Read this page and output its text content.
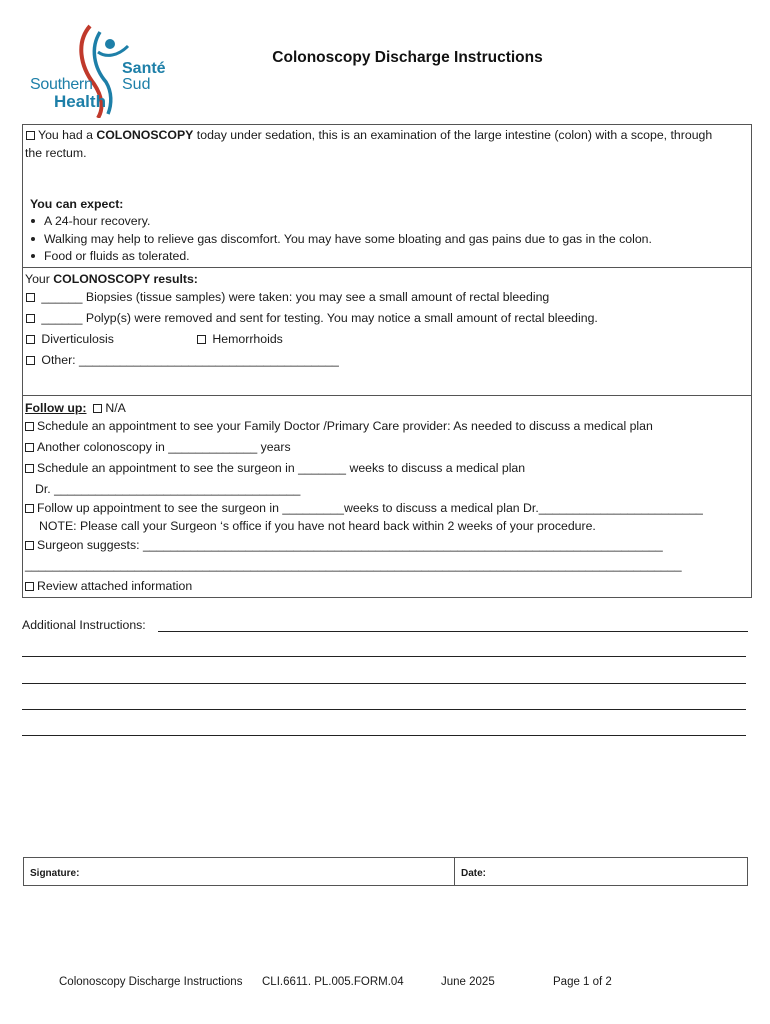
Southern
Health
Santé
Sud
Colonoscopy Discharge Instructions
You had a COLONOSCOPY today under sedation, this is an examination of the large intestine (colon) with a scope, through
the rectum.
You can expect:
A 24-hour recovery.
Walking may help to relieve gas discomfort. You may have some bloating and gas pains due to gas in the colon.
Food or fluids as tolerated.
Your COLONOSCOPY results:
______ Biopsies (tissue samples) were taken: you may see a small amount of rectal bleeding
______ Polyp(s) were removed and sent for testing. You may notice a small amount of rectal bleeding.
Diverticulosis	Hemorrhoids
Other: ______________________________________
Follow up: N/A
Schedule an appointment to see your Family Doctor /Primary Care provider: As needed to discuss a medical plan
Another colonoscopy in _____________ years
Schedule an appointment to see the surgeon in _______ weeks to discuss a medical plan
Dr. ____________________________________
Follow up appointment to see the surgeon in _________weeks to discuss a medical plan Dr.________________________
NOTE: Please call your Surgeon ‘s office if you have not heard back within 2 weeks of your procedure.
Surgeon suggests: ____________________________________________________________________________
________________________________________________________________________________________________
Review attached information
Additional Instructions:
Signature:	Date:
Colonoscopy Discharge Instructions CLI.6611. PL.005.FORM.04	June 2025	Page 1 of 2
